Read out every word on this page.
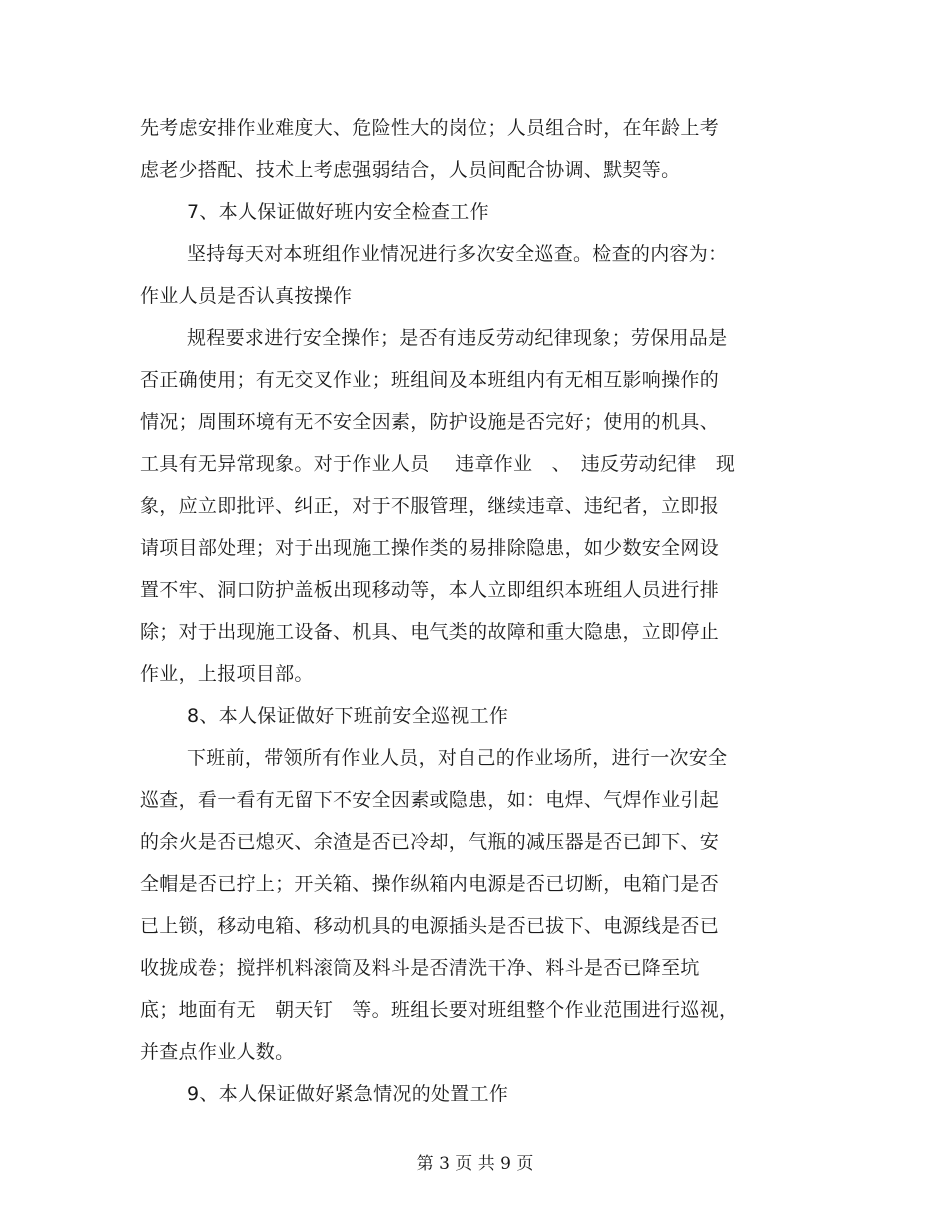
先考虑安排作业难度大、危险性大的岗位；人员组合时，在年龄上考
虑老少搭配、技术上考虑强弱结合，人员间配合协调、默契等。
7、本人保证做好班内安全检查工作
坚持每天对本班组作业情况进行多次安全巡查。检查的内容为：
作业人员是否认真按操作
规程要求进行安全操作；是否有违反劳动纪律现象；劳保用品是
否正确使用；有无交叉作业；班组间及本班组内有无相互影响操作的
情况；周围环境有无不安全因素，防护设施是否完好；使用的机具、
工具有无异常现象。对于作业人员　 违章作业　、　违反劳动纪律　现
象，应立即批评、纠正，对于不服管理，继续违章、违纪者，立即报
请项目部处理；对于出现施工操作类的易排除隐患，如少数安全网设
置不牢、洞口防护盖板出现移动等，本人立即组织本班组人员进行排
除；对于出现施工设备、机具、电气类的故障和重大隐患，立即停止
作业，上报项目部。
8、本人保证做好下班前安全巡视工作
下班前，带领所有作业人员，对自己的作业场所，进行一次安全
巡查，看一看有无留下不安全因素或隐患，如：电焊、气焊作业引起
的余火是否已熄灭、余渣是否已冷却，气瓶的减压器是否已卸下、安
全帽是否已拧上；开关箱、操作纵箱内电源是否已切断，电箱门是否
已上锁，移动电箱、移动机具的电源插头是否已拔下、电源线是否已
收拢成卷；搅拌机料滚筒及料斗是否清洗干净、料斗是否已降至坑
底；地面有无　朝天钉　等。班组长要对班组整个作业范围进行巡视，
并查点作业人数。
9、本人保证做好紧急情况的处置工作
第 3 页 共 9 页
